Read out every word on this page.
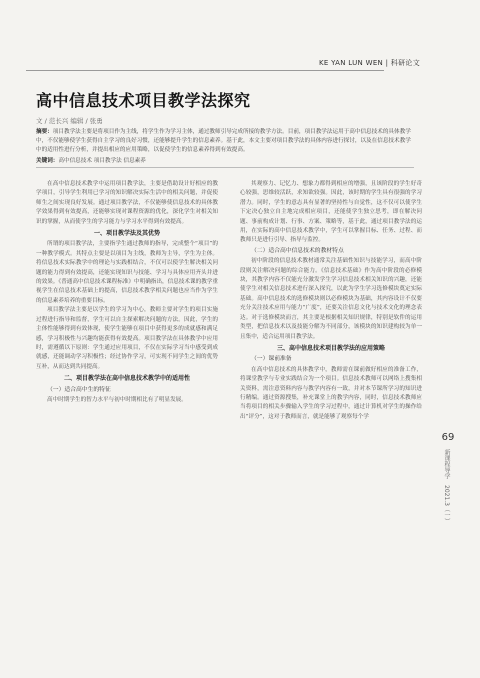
KE YAN LUN WEN | 科研论文
高中信息技术项目教学法探究
文 / 范长兴 编辑 / 张勇
摘要：项目教学法主要是将项目作为主线，将学生作为学习主体，通过教师引导完成所接的教学方法。目前，项目教学法运用于高中信息技术的具体教学中，不仅能够使学生获得自主学习的良好习惯，还能够提升学生的信息素养。基于此，本文主要对项目教学法的具体内容进行探讨，以及在信息技术教学中的适用性进行分析，并提出相应的应用策略，以促使学生的信息素养得到有效提高。
关键词：高中信息技术 项目教学法 信息素养

在高中信息技术教学中运用项目教学法，主要是借助设计好相应的教学项目，引导学生利用已学习的知识解决实际生活中的相关问题，并促使师生之间实现良好发展。通过项目教学法，不仅能够使信息技术的具体教学效果得到有效提高，还能够实现对课程资源的优化，深化学生对相关知识的掌握，从而使学生的学习能力与学习水平得到有效提高。

一、项目教学法及其优势

所谓的项目教学法，主要指学生通过教师的指导，完成整个“项目”的一种教学模式。其特点主要是以项目为主线，教师为主导，学生为主体。将信息技术实际教学中的理论与实践相结合，不仅可以使学生解决相关问题的能力得到有效提高，还能实现知识与技能、学习与具体应用齐头并进的效果。《普通高中信息技术课程标准》中明确指出，信息技术课的教学重视学生在信息技术基础上的提高，信息技术教学相关问题也应当作为学生的信息素养培养的重要目标。

项目教学法主要是以学生的学习为中心，教师主要对学生的项目实施过程进行指导和监督，学生可以自主探索解决问题的方法。因此，学生的主体性能够得到有效体现，使学生能够在项目中获得更多的成就感和满足感，学习积极性与兴趣均能获得有效提高。项目教学法在具体教学中应用时，需遵循以下原则：学生通过应用项目，不仅在实际学习当中感受到成就感，还能调动学习积极性；经过协作学习，可实现不同学生之间的优势互补，从而达到共同提高。

二、项目教学法在高中信息技术教学中的适用性
（一）适合高中生的特征

高中时期学生的智力水平与初中时期相比有了明显发展。

其观察力、记忆力、想象力都得到相应的增强，且该阶段的学生好奇心较强，思维较活跃，求知欲较强。因此，该时期的学生具有很强的学习潜力。同时，学生的意志具有显著的坚持性与自觉性，这不仅可以使学生下定决心独立自主地完成相应项目，还能使学生独立思考，即在解决问题、事前构成计划、行事、方案、策略等，基于此，通过项目教学法的运用，在实际的高中信息技术教学中，学生可以掌握目标、任务、过程、而教师只是进行引导、指导与监控。

（二）适合高中信息技术的教材特点

初中阶段的信息技术教材通常关注基础性知识与技能学习，而高中阶段则关注解决问题的综合能力。《信息技术基础》作为高中阶段的必修模块，其教学内容不仅能充分激发学生学习信息技术相关知识的兴趣，还能使学生对相关信息技术进行深入探究，以此为学生学习选修模块奠定实际基础。高中信息技术的选修模块则以必修模块为基础，其内容设计不仅要充分关注技术应用与能力“广度”，还要关注信息文化与技术文化的理念表达。对于选修模块而言，其主要是根据相关知识规律，特别是软件的运用类型，把信息技术以及技能分解为不同部分，该模块的知识建构较为单一且集中，适合运用项目教学法。

三、高中信息技术项目教学法的应用策略
（一）课前准备

在高中信息技术的具体教学中，教师需在课前做好相应的准备工作，将课堂教学与专业实践结合为一个项目。信息技术教师可以网络上搜集相关资料，需注意资料内容与教学内容有一致，并对本节课所学习的知识进行精编。通过资源搜集，补充课堂上的教学内容，同时，信息技术教师应当将项目的相关步骤输入学生的学习过程中，通过计算机对学生的操作给出“评分”，这对于教师而言，就是能够了观察每个学

69
新课程导学
2021.3（一）
